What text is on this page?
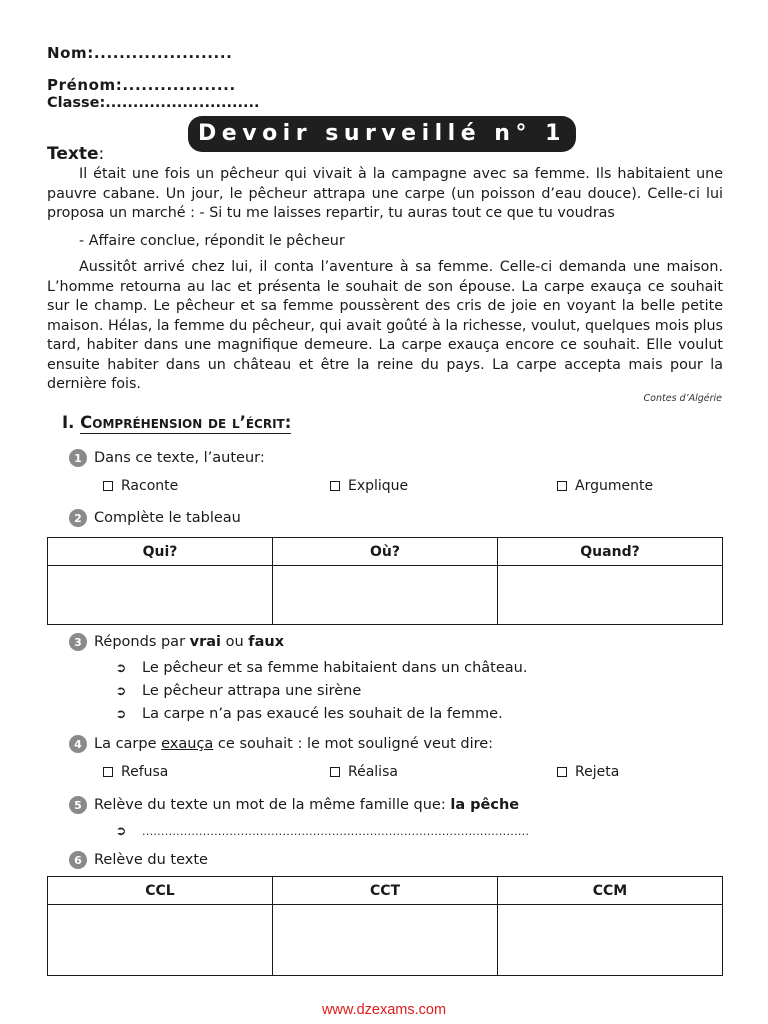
Nom:......................
Prénom:..................
Classe:............................
Devoir surveillé n° 1
Texte:

Il était une fois un pêcheur qui vivait à la campagne avec sa femme. Ils habitaient une pauvre cabane. Un jour, le pêcheur attrapa une carpe (un poisson d’eau douce). Celle-ci lui proposa un marché : - Si tu me laisses repartir, tu auras tout ce que tu voudras

- Affaire conclue, répondit le pêcheur

Aussitôt arrivé chez lui, il conta l’aventure à sa femme. Celle-ci demanda une maison. L’homme retourna au lac et présenta le souhait de son épouse. La carpe exauça ce souhait sur le champ. Le pêcheur et sa femme poussèrent des cris de joie en voyant la belle petite maison. Hélas, la femme du pêcheur, qui avait goûté à la richesse, voulut, quelques mois plus tard, habiter dans une magnifique demeure. La carpe exauça encore ce souhait. Elle voulut ensuite habiter dans un château et être la reine du pays. La carpe accepta mais pour la dernière fois.

Contes d’Algérie
I. Compréhension de l’écrit:
1 Dans ce texte, l’auteur:
Raconte	Explique	Argumente
2 Complète le tableau
Qui?	Où?	Quand?

3 Réponds par vrai ou faux
➲ Le pêcheur et sa femme habitaient dans un château.
➲ Le pêcheur attrapa une sirène
➲ La carpe n’a pas exaucé les souhait de la femme.
4 La carpe exauça ce souhait : le mot souligné veut dire:
Refusa	Réalisa	Rejeta
5 Relève du texte un mot de la même famille que: la pêche
➲ ......................................................................................................
6 Relève du texte
CCL	CCT	CCM

www.dzexams.com
